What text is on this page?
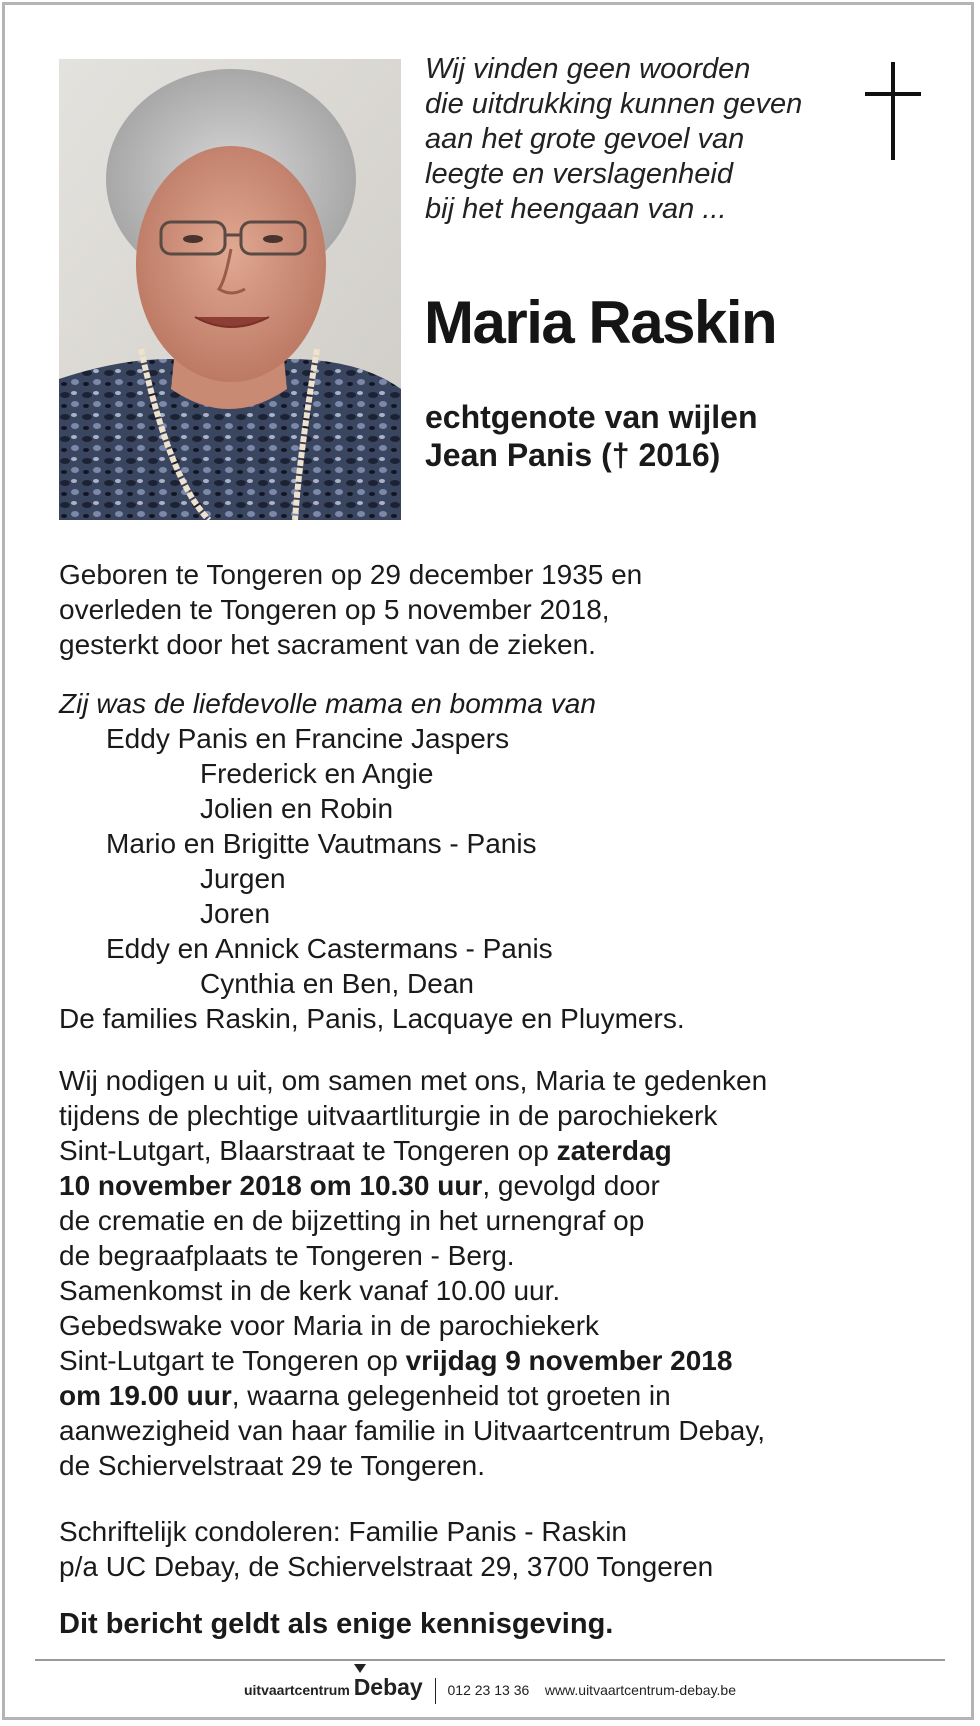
Wij vinden geen woorden
die uitdrukking kunnen geven
aan het grote gevoel van
leegte en verslagenheid
bij het heengaan van ...
Maria Raskin
echtgenote van wijlen
Jean Panis († 2016)
Geboren te Tongeren op 29 december 1935 en
overleden te Tongeren op 5 november 2018,
gesterkt door het sacrament van de zieken.
Zij was de liefdevolle mama en bomma van
Eddy Panis en Francine Jaspers
Frederick en Angie
Jolien en Robin
Mario en Brigitte Vautmans - Panis
Jurgen
Joren
Eddy en Annick Castermans - Panis
Cynthia en Ben, Dean
De families Raskin, Panis, Lacquaye en Pluymers.
Wij nodigen u uit, om samen met ons, Maria te gedenken
tijdens de plechtige uitvaartliturgie in de parochiekerk
Sint-Lutgart, Blaarstraat te Tongeren op zaterdag
10 november 2018 om 10.30 uur, gevolgd door
de crematie en de bijzetting in het urnengraf op
de begraafplaats te Tongeren - Berg.
Samenkomst in de kerk vanaf 10.00 uur.
Gebedswake voor Maria in de parochiekerk
Sint-Lutgart te Tongeren op vrijdag 9 november 2018
om 19.00 uur, waarna gelegenheid tot groeten in
aanwezigheid van haar familie in Uitvaartcentrum Debay,
de Schiervelstraat 29 te Tongeren.
Schriftelijk condoleren: Familie Panis - Raskin
p/a UC Debay, de Schiervelstraat 29, 3700 Tongeren
Dit bericht geldt als enige kennisgeving.
uitvaartcentrum Debay 012 23 13 36 www.uitvaartcentrum-debay.be
